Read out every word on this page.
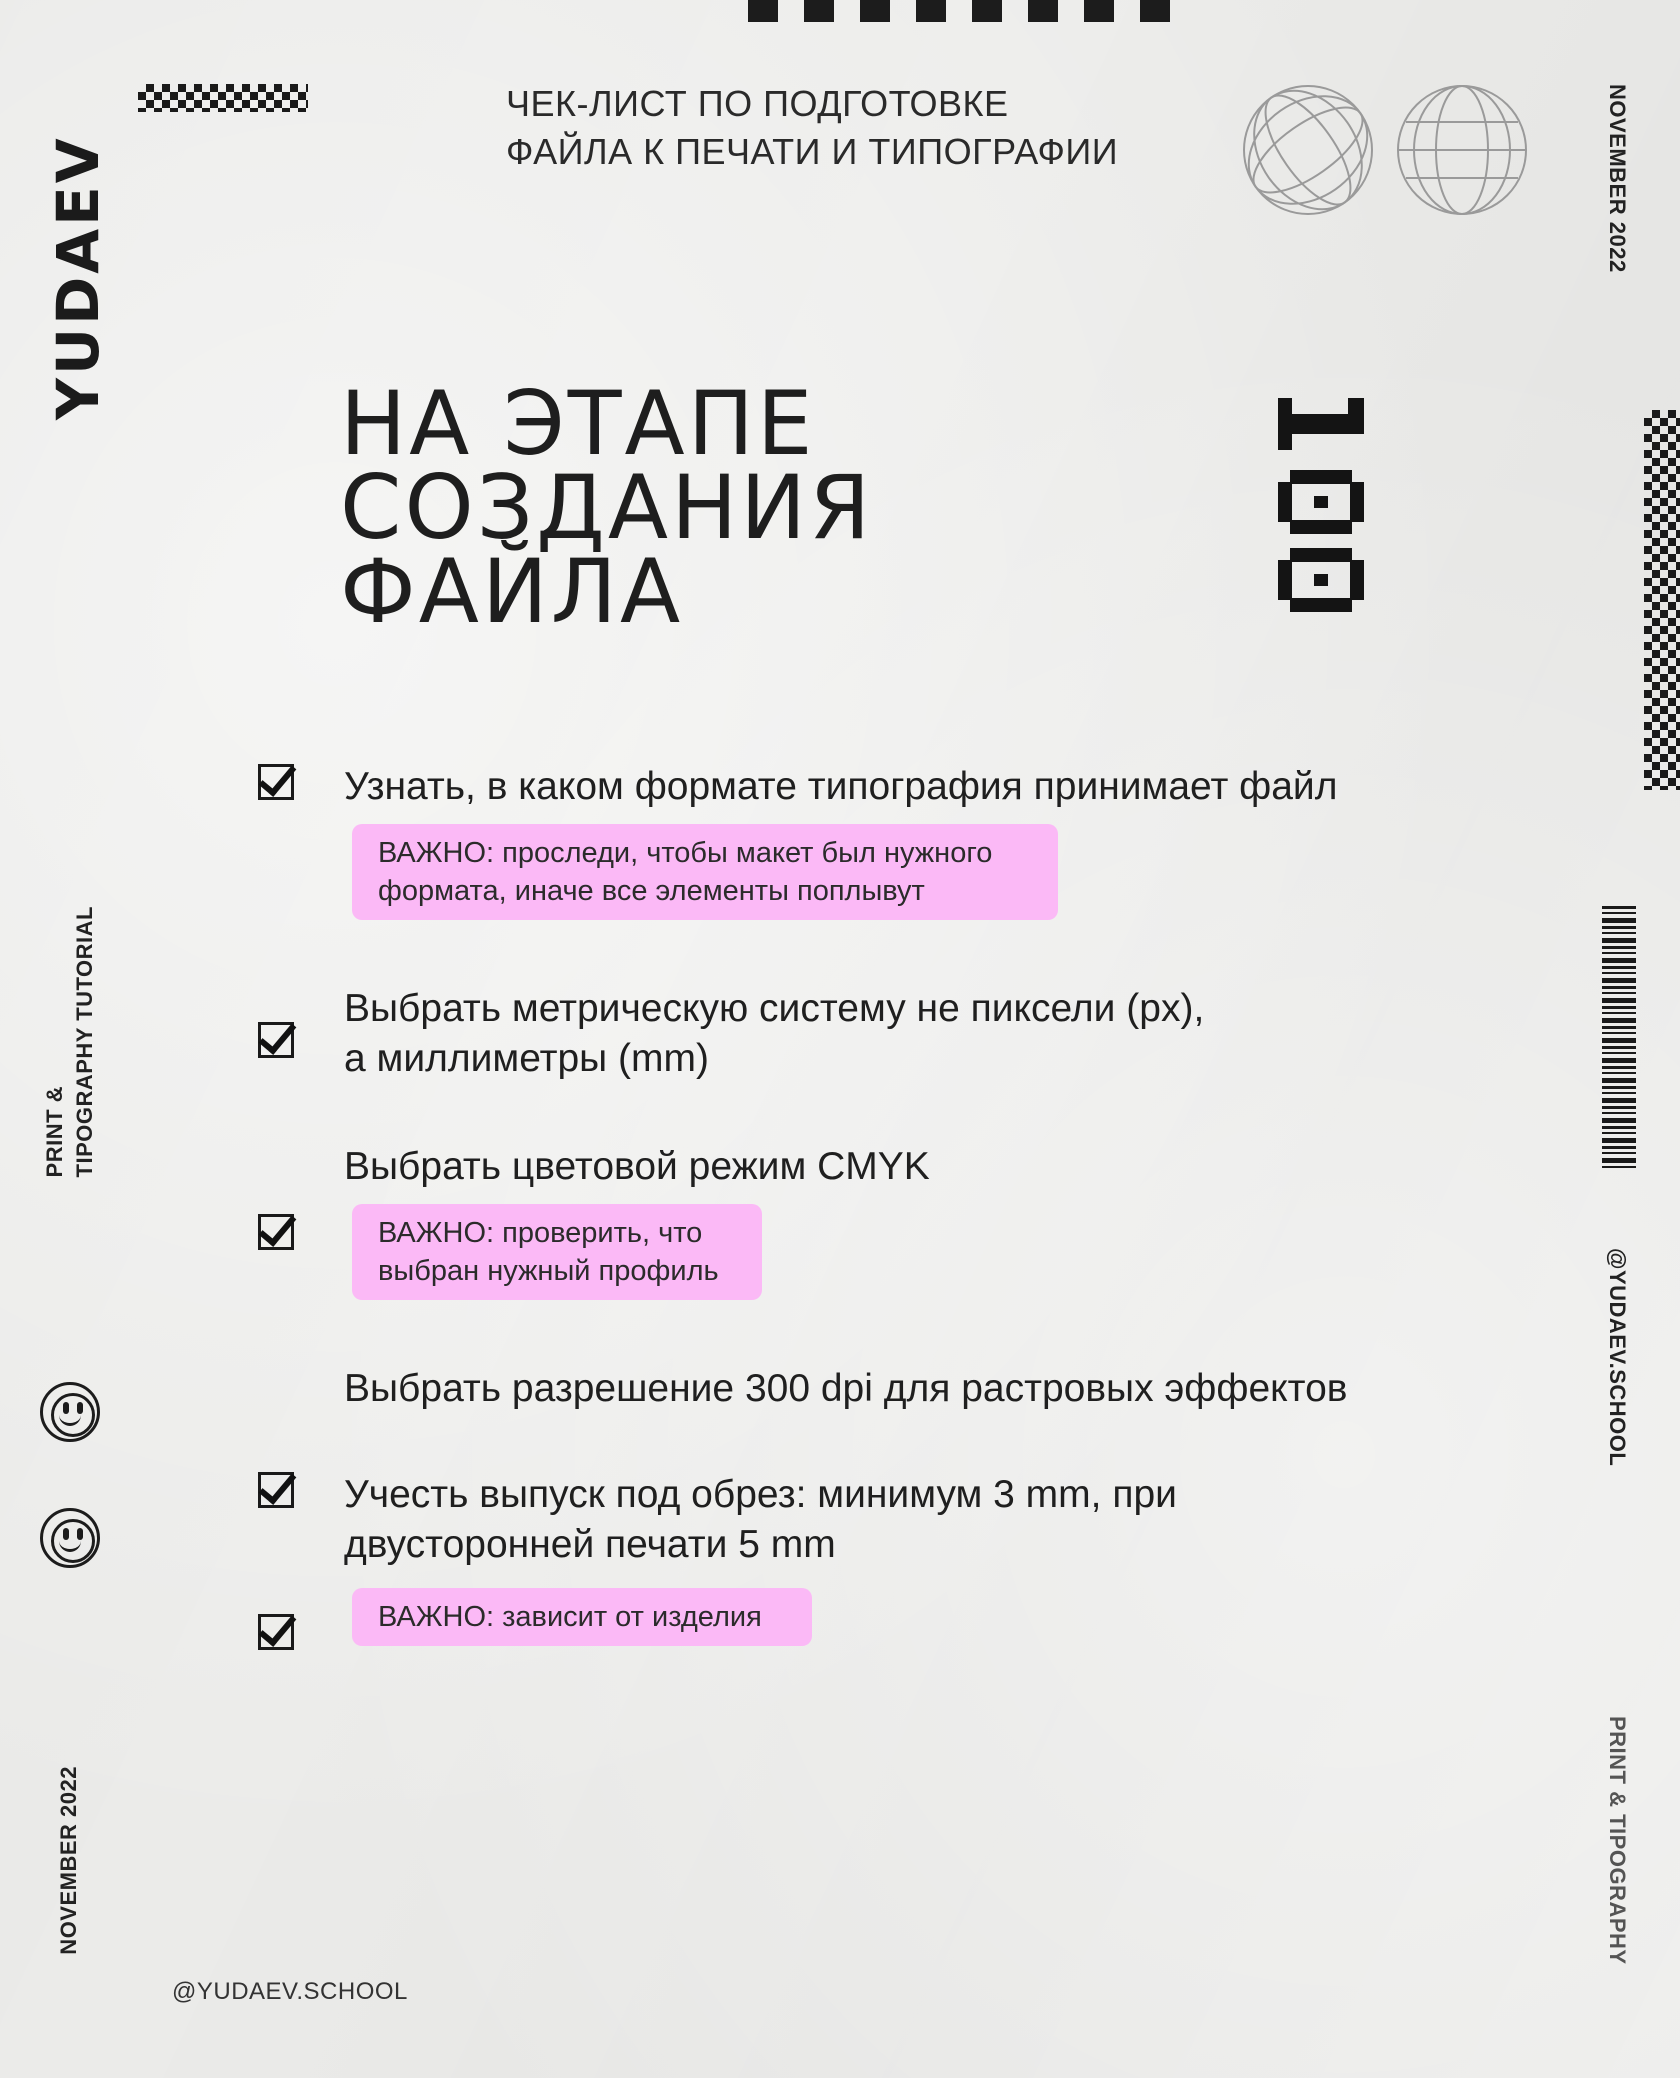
YUDAEV
ЧЕК-ЛИСТ ПО ПОДГОТОВКЕ
ФАЙЛА К ПЕЧАТИ И ТИПОГРАФИИ	NOVEMBER 2022
НА ЭТАПЕ
СОЗДАНИЯ
ФАЙЛА
PRINT & TIPOGRAPHY TUTORIAL
NOVEMBER 2022
@YUDAEV.SCHOOL
@YUDAEV.SCHOOL
PRINT & TIPOGRAPHY
Узнать, в каком формате типография принимает файл
ВАЖНО: проследи, чтобы макет был нужного
формата, иначе все элементы поплывут
Выбрать метрическую систему не пиксели (px),
а миллиметры (mm)
Выбрать цветовой режим CMYK
ВАЖНО: проверить, что
выбран нужный профиль
Выбрать разрешение 300 dpi для растровых эффектов
Учесть выпуск под обрез: минимум 3 mm, при
двусторонней печати 5 mm
ВАЖНО: зависит от изделия
